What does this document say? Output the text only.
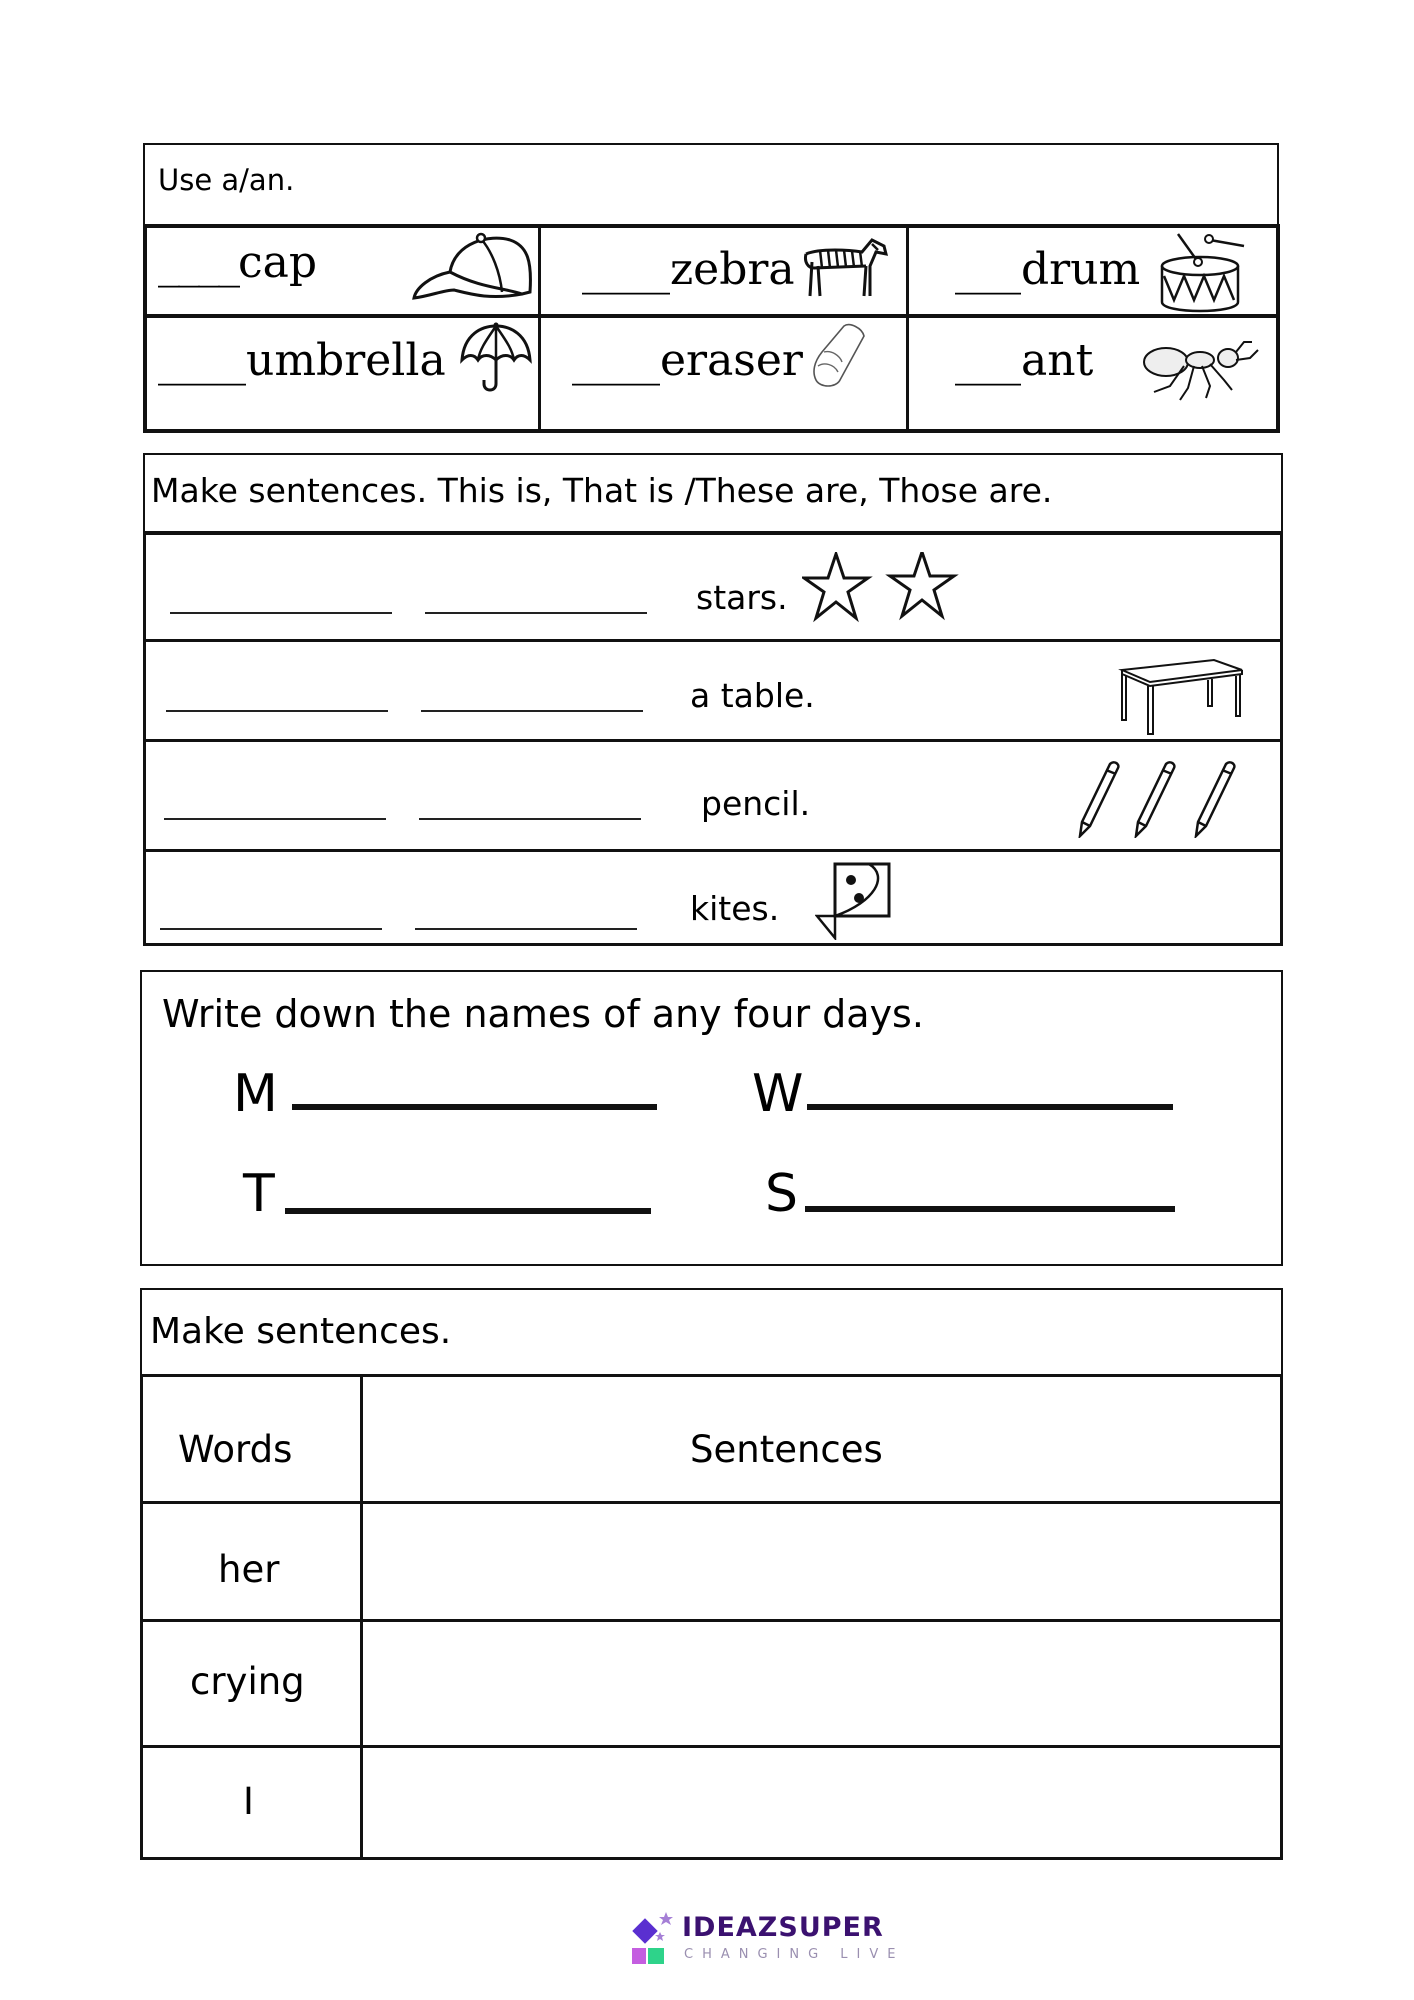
Use a/an.
____cap	____zebra	___drum
____umbrella	____eraser	___ant
Make sentences. This is, That is /These are, Those are.
stars.
a table.
pencil.
kites.
Write down the names of any four days.
M	W
T	S
Make sentences.
Words	Sentences
her
crying
I
IDEAZSUPER
CHANGING LIVE
